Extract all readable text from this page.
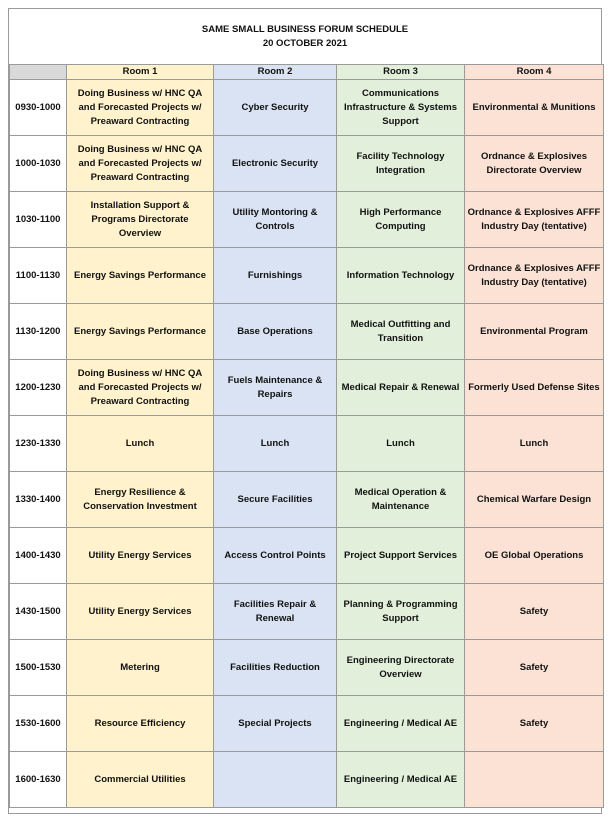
SAME SMALL BUSINESS FORUM SCHEDULE
20 OCTOBER 2021
	Room 1	Room 2	Room 3	Room 4
0930-1000	Doing Business w/ HNC QA and Forecasted Projects w/ Preaward Contracting	Cyber Security	Communications Infrastructure & Systems Support	Environmental & Munitions
1000-1030	Doing Business w/ HNC QA and Forecasted Projects w/ Preaward Contracting	Electronic Security	Facility Technology Integration	Ordnance & Explosives Directorate Overview
1030-1100	Installation Support & Programs Directorate Overview	Utility Montoring & Controls	High Performance Computing	Ordnance & Explosives AFFF Industry Day (tentative)
1100-1130	Energy Savings Performance	Furnishings	Information Technology	Ordnance & Explosives AFFF Industry Day (tentative)
1130-1200	Energy Savings Performance	Base Operations	Medical Outfitting and Transition	Environmental Program
1200-1230	Doing Business w/ HNC QA and Forecasted Projects w/ Preaward Contracting	Fuels Maintenance & Repairs	Medical Repair & Renewal	Formerly Used Defense Sites
1230-1330	Lunch	Lunch	Lunch	Lunch
1330-1400	Energy Resilience & Conservation Investment	Secure Facilities	Medical Operation & Maintenance	Chemical Warfare Design
1400-1430	Utility Energy Services	Access Control Points	Project Support Services	OE Global Operations
1430-1500	Utility Energy Services	Facilities Repair & Renewal	Planning & Programming Support	Safety
1500-1530	Metering	Facilities Reduction	Engineering Directorate Overview	Safety
1530-1600	Resource Efficiency	Special Projects	Engineering / Medical AE	Safety
1600-1630	Commercial Utilities		Engineering / Medical AE	
